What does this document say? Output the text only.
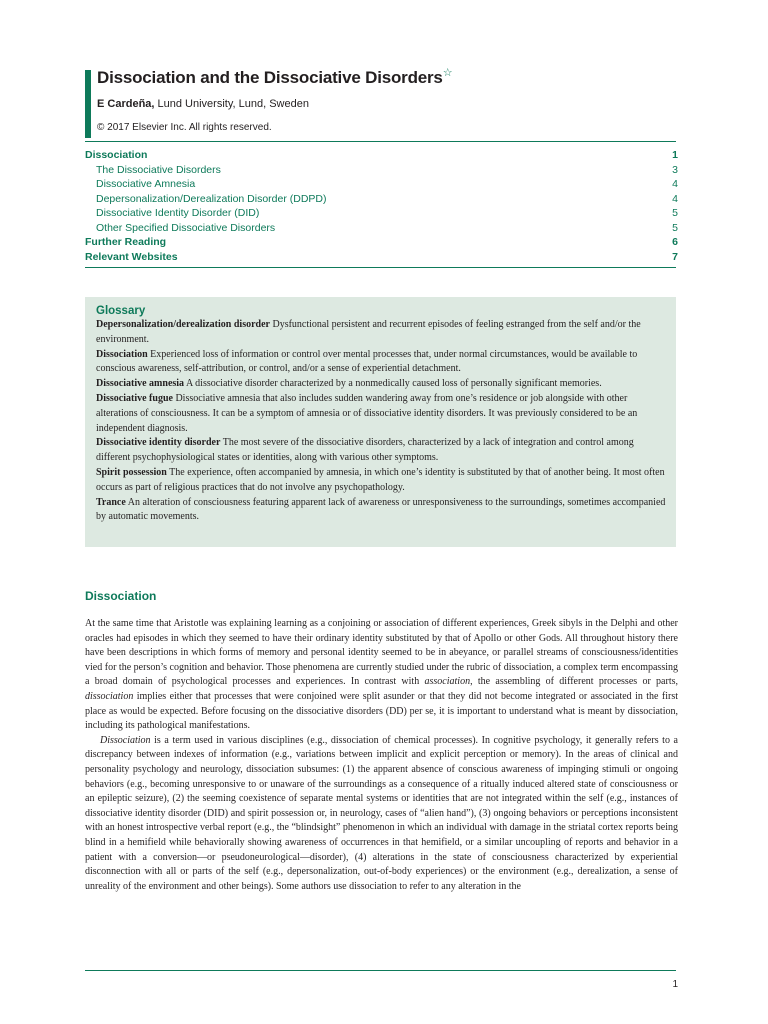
Dissociation and the Dissociative Disorders☆
E Cardeña, Lund University, Lund, Sweden
© 2017 Elsevier Inc. All rights reserved.
Dissociation	1
The Dissociative Disorders	3
Dissociative Amnesia	4
Depersonalization/Derealization Disorder (DDPD)	4
Dissociative Identity Disorder (DID)	5
Other Specified Dissociative Disorders	5
Further Reading	6
Relevant Websites	7
Glossary
Depersonalization/derealization disorder Dysfunctional persistent and recurrent episodes of feeling estranged from the self and/or the environment.
Dissociation Experienced loss of information or control over mental processes that, under normal circumstances, would be available to conscious awareness, self-attribution, or control, and/or a sense of experiential detachment.
Dissociative amnesia A dissociative disorder characterized by a nonmedically caused loss of personally significant memories.
Dissociative fugue Dissociative amnesia that also includes sudden wandering away from one’s residence or job alongside with other alterations of consciousness. It can be a symptom of amnesia or of dissociative identity disorders. It was previously considered to be an independent diagnosis.
Dissociative identity disorder The most severe of the dissociative disorders, characterized by a lack of integration and control among different psychophysiological states or identities, along with various other symptoms.
Spirit possession The experience, often accompanied by amnesia, in which one’s identity is substituted by that of another being. It most often occurs as part of religious practices that do not involve any psychopathology.
Trance An alteration of consciousness featuring apparent lack of awareness or unresponsiveness to the surroundings, sometimes accompanied by automatic movements.
Dissociation

At the same time that Aristotle was explaining learning as a conjoining or association of different experiences, Greek sibyls in the Delphi and other oracles had episodes in which they seemed to have their ordinary identity substituted by that of Apollo or other Gods. All throughout history there have been descriptions in which forms of memory and personal identity seemed to be in abeyance, or parallel streams of consciousness/identities vied for the person’s cognition and behavior. Those phenomena are currently studied under the rubric of dissociation, a complex term encompassing a broad domain of psychological processes and experiences. In contrast with association, the assembling of different processes or parts, dissociation implies either that processes that were conjoined were split asunder or that they did not become integrated or associated in the first place as would be expected. Before focusing on the dissociative disorders (DD) per se, it is important to understand what is meant by dissociation, including its pathological manifestations.

Dissociation is a term used in various disciplines (e.g., dissociation of chemical processes). In cognitive psychology, it generally refers to a discrepancy between indexes of information (e.g., variations between implicit and explicit perception or memory). In the areas of clinical and personality psychology and neurology, dissociation subsumes: (1) the apparent absence of conscious awareness of impinging stimuli or ongoing behaviors (e.g., becoming unresponsive to or unaware of the surroundings as a consequence of a ritually induced altered state of consciousness or an epileptic seizure), (2) the seeming coexistence of separate mental systems or identities that are not integrated within the self (e.g., instances of dissociative identity disorder (DID) and spirit possession or, in neurology, cases of “alien hand”), (3) ongoing behaviors or perceptions inconsistent with an honest introspective verbal report (e.g., the “blindsight” phenomenon in which an individual with damage in the striatal cortex reports being blind in a hemifield while behaviorally showing awareness of occurrences in that hemifield, or a similar uncoupling of reports and behavior in a patient with a conversion—or pseudoneurological—disorder), (4) alterations in the state of consciousness characterized by experiential disconnection with all or parts of the self (e.g., depersonalization, out-of-body experiences) or the environment (e.g., derealization, a sense of unreality of the environment and other beings). Some authors use dissociation to refer to any alteration in the

1
